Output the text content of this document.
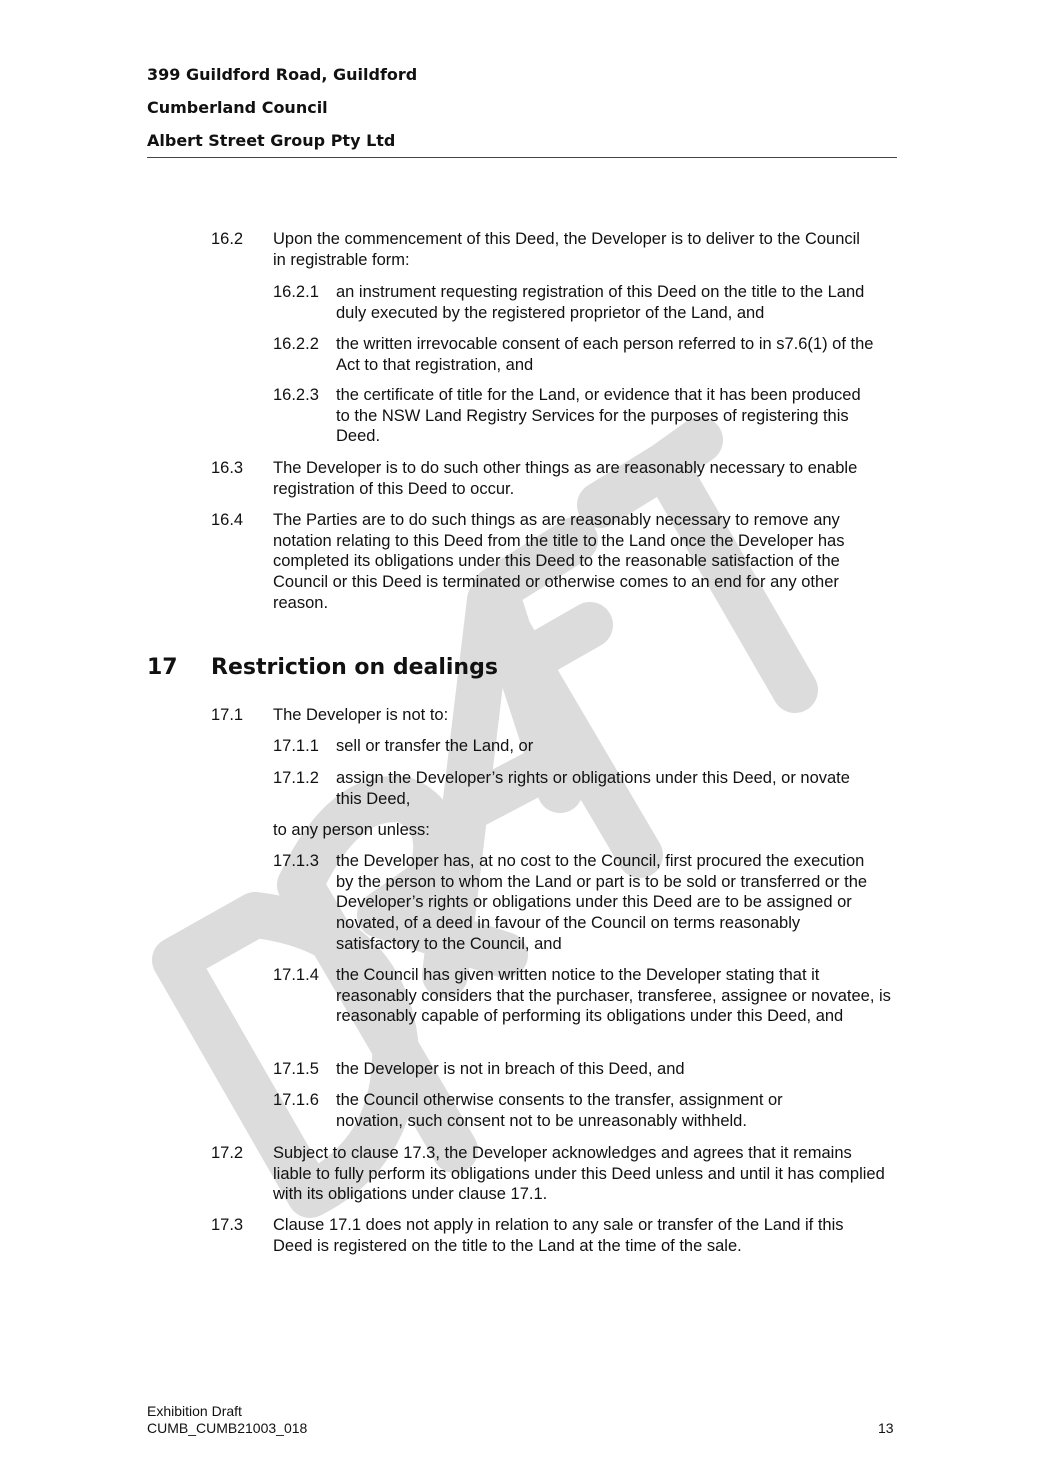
399 Guildford Road, Guildford
Cumberland Council
Albert Street Group Pty Ltd
16.2 Upon the commencement of this Deed, the Developer is to deliver to the Council in registrable form:
16.2.1 an instrument requesting registration of this Deed on the title to the Land duly executed by the registered proprietor of the Land, and
16.2.2 the written irrevocable consent of each person referred to in s7.6(1) of the Act to that registration, and
16.2.3 the certificate of title for the Land, or evidence that it has been produced to the NSW Land Registry Services for the purposes of registering this Deed.
16.3 The Developer is to do such other things as are reasonably necessary to enable registration of this Deed to occur.
16.4 The Parties are to do such things as are reasonably necessary to remove any notation relating to this Deed from the title to the Land once the Developer has completed its obligations under this Deed to the reasonable satisfaction of the Council or this Deed is terminated or otherwise comes to an end for any other reason.
17 Restriction on dealings
17.1 The Developer is not to:
17.1.1 sell or transfer the Land, or
17.1.2 assign the Developer’s rights or obligations under this Deed, or novate this Deed,
to any person unless:
17.1.3 the Developer has, at no cost to the Council, first procured the execution by the person to whom the Land or part is to be sold or transferred or the Developer’s rights or obligations under this Deed are to be assigned or novated, of a deed in favour of the Council on terms reasonably satisfactory to the Council, and
17.1.4 the Council has given written notice to the Developer stating that it reasonably considers that the purchaser, transferee, assignee or novatee, is reasonably capable of performing its obligations under this Deed, and
17.1.5 the Developer is not in breach of this Deed, and
17.1.6 the Council otherwise consents to the transfer, assignment or novation, such consent not to be unreasonably withheld.
17.2 Subject to clause 17.3, the Developer acknowledges and agrees that it remains liable to fully perform its obligations under this Deed unless and until it has complied with its obligations under clause 17.1.
17.3 Clause 17.1 does not apply in relation to any sale or transfer of the Land if this Deed is registered on the title to the Land at the time of the sale.
Exhibition Draft
CUMB_CUMB21003_018	13
